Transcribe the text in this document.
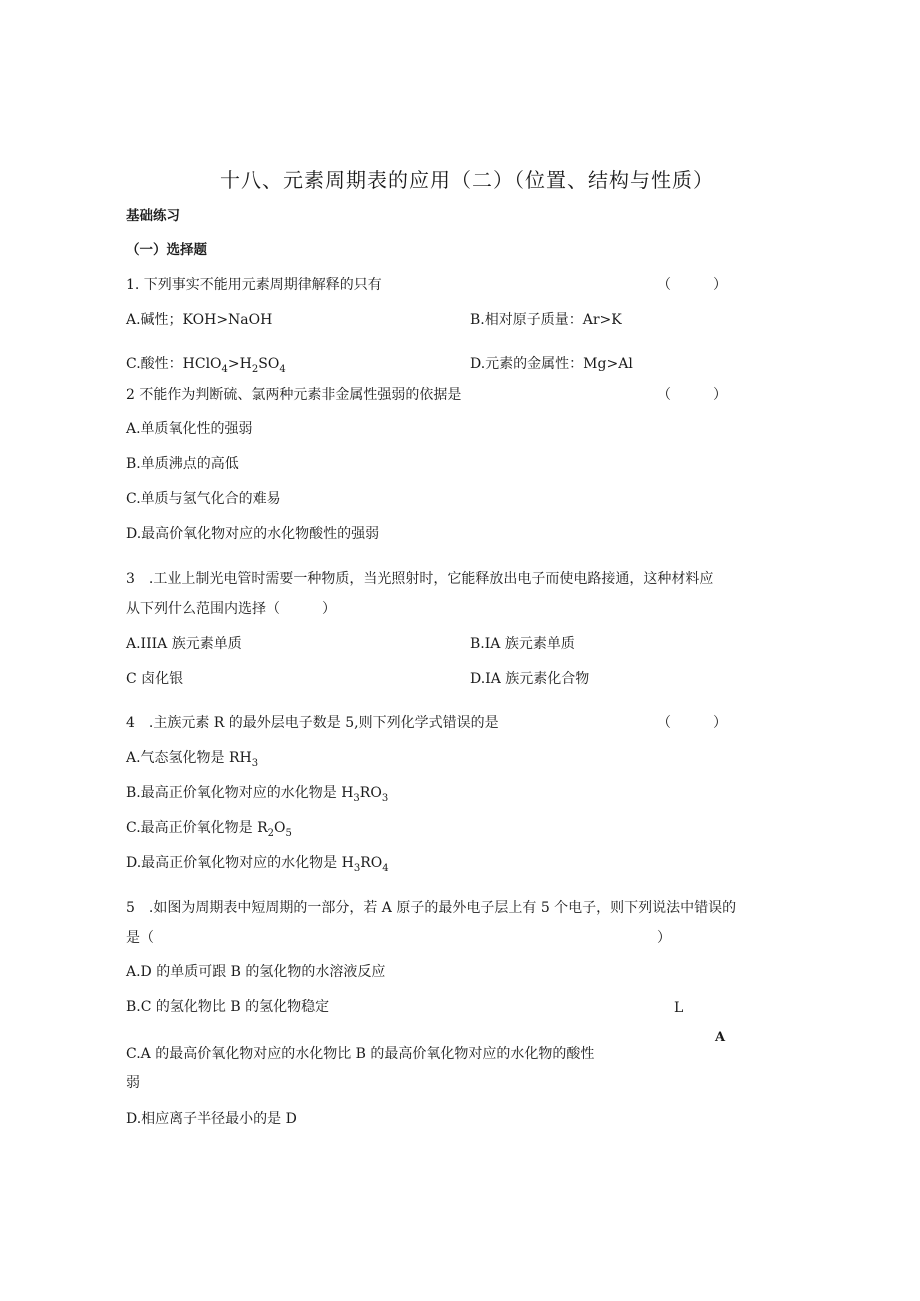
十八、元素周期表的应用（二）（位置、结构与性质）
基础练习
（一）选择题
1. 下列事实不能用元素周期律解释的只有	（　　　）
A.碱性；KOH>NaOH	B.相对原子质量：Ar>K
C.酸性：$HClO_4>H_2SO_4$	D.元素的金属性：Mg>Al
2 不能作为判断硫、氯两种元素非金属性强弱的依据是	（　　　）
A.单质氧化性的强弱
B.单质沸点的高低
C.单质与氢气化合的难易
D.最高价氧化物对应的水化物酸性的强弱
3　.工业上制光电管时需要一种物质，当光照射时，它能释放出电子而使电路接通，这种材料应
从下列什么范围内选择（　　　）
A.IIIA 族元素单质	B.IA 族元素单质
C 卤化银	D.IA 族元素化合物
4　.主族元素 R 的最外层电子数是 5,则下列化学式错误的是	（　　　）
A.气态氢化物是 $RH_3$
B.最高正价氧化物对应的水化物是 $H_3RO_3$
C.最高正价氧化物是 $R_2O_5$
D.最高正价氧化物对应的水化物是 $H_3RO_4$
5　.如图为周期表中短周期的一部分，若 A 原子的最外电子层上有 5 个电子，则下列说法中错误的
是（	）
A.D 的单质可跟 B 的氢化物的水溶液反应
B.C 的氢化物比 B 的氢化物稳定	L
A
C.A 的最高价氧化物对应的水化物比 B 的最高价氧化物对应的水化物的酸性
弱
D.相应离子半径最小的是 D
